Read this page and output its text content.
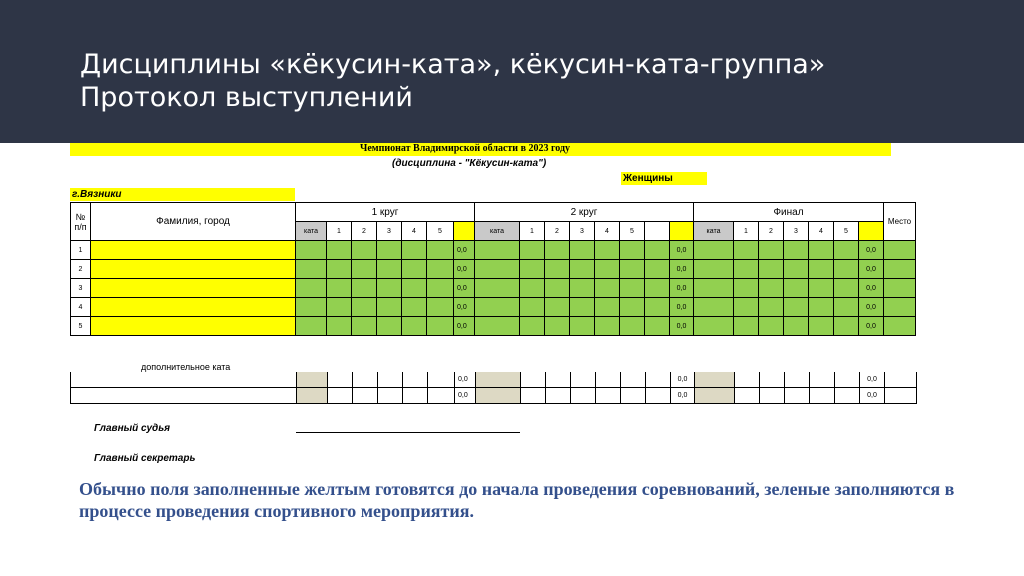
Дисциплины «кёкусин-ката», кёкусин-ката-группа»
Протокол выступлений
Чемпионат Владимирской области в 2023 году
(дисциплина - "Кёкусин-ката")
Женщины
г.Вязники
№ п/п	Фамилия, город	1 круг							2 круг								Финал							Место
		ката	1	2	3	4	5		ката	1	2	3	4	5			ката	1	2	3	4	5		
1								0,0								0,0							0,0	
2								0,0								0,0							0,0	
3								0,0								0,0							0,0	
4								0,0								0,0							0,0	
5								0,0								0,0							0,0	
дополнительное ката
							0,0								0,0							0,0	
							0,0								0,0							0,0	
Главный судья
Главный секретарь

Обычно поля заполненные желтым готовятся до начала проведения соревнований, зеленые заполняются в процессе проведения спортивного мероприятия.
